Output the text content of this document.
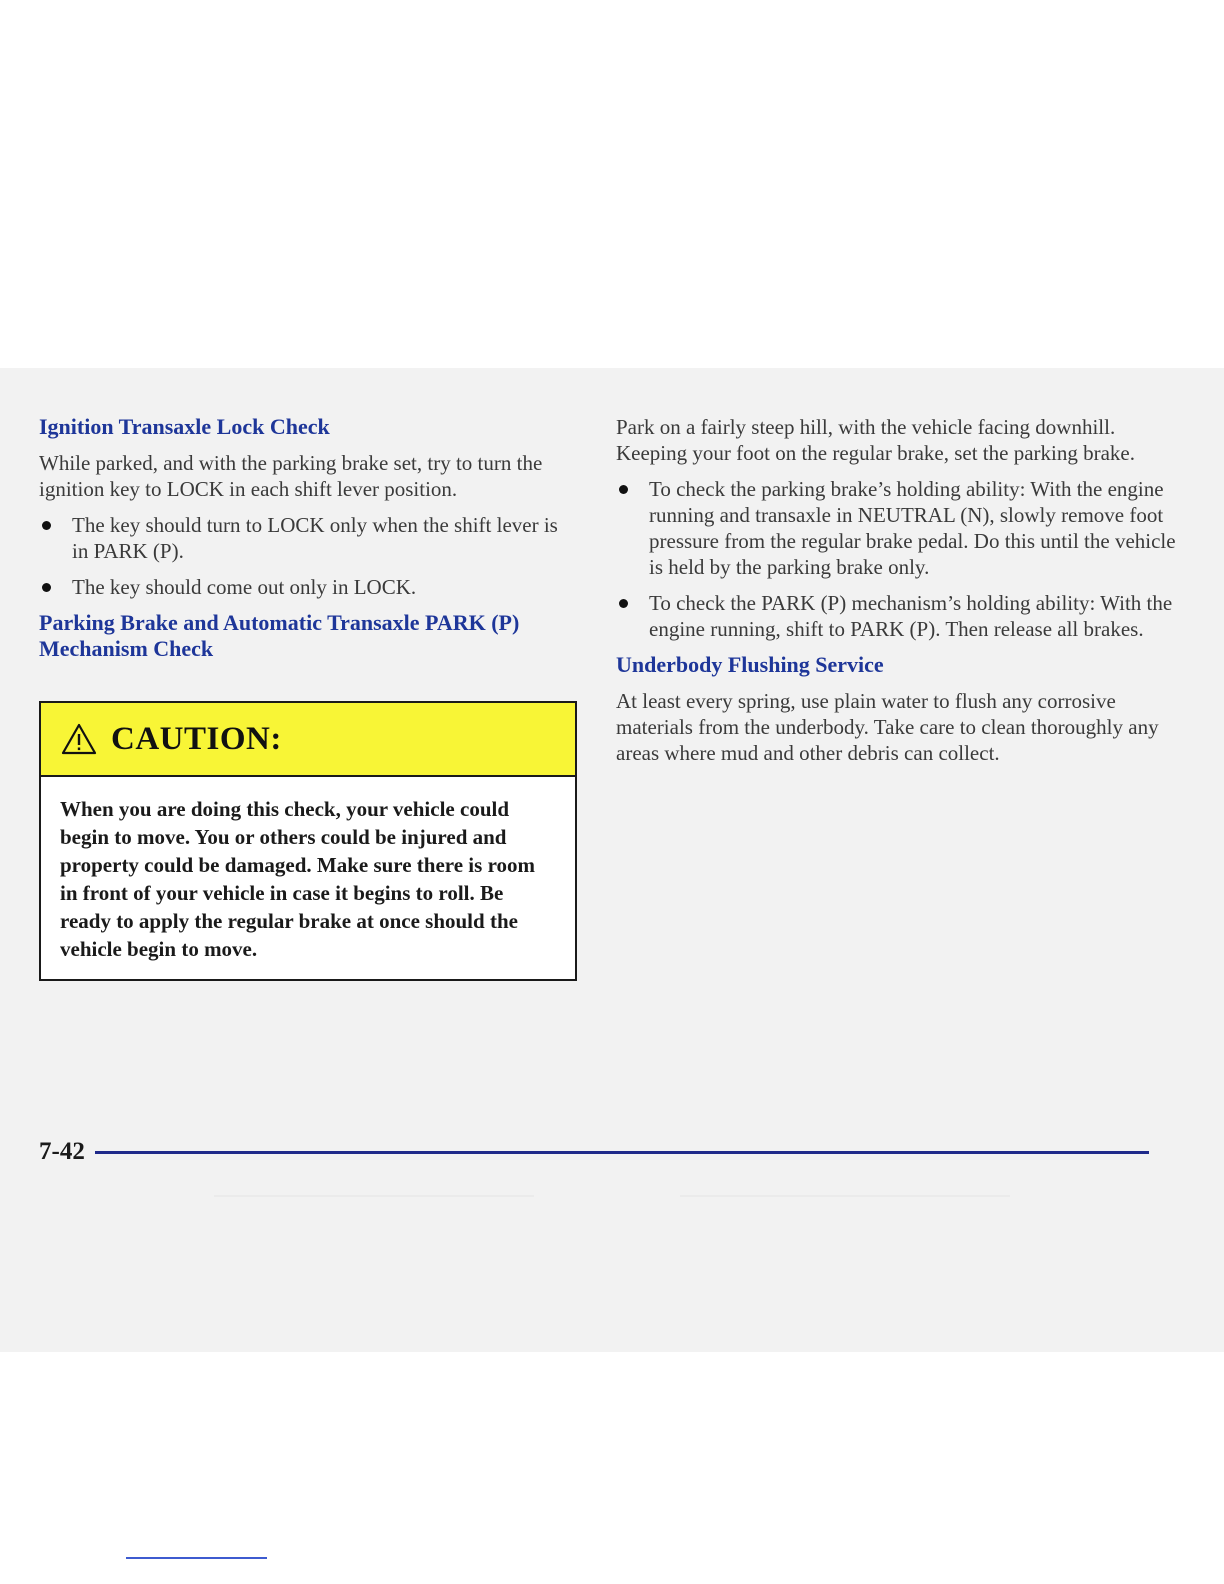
Ignition Transaxle Lock Check

While parked, and with the parking brake set, try to turn the ignition key to LOCK in each shift lever position.

The key should turn to LOCK only when the shift lever is in PARK (P).
The key should come out only in LOCK.
Parking Brake and Automatic Transaxle PARK (P) Mechanism Check
CAUTION:
When you are doing this check, your vehicle could begin to move. You or others could be injured and property could be damaged. Make sure there is room in front of your vehicle in case it begins to roll. Be ready to apply the regular brake at once should the vehicle begin to move.

Park on a fairly steep hill, with the vehicle facing downhill. Keeping your foot on the regular brake, set the parking brake.

To check the parking brake’s holding ability: With the engine running and transaxle in NEUTRAL (N), slowly remove foot pressure from the regular brake pedal. Do this until the vehicle is held by the parking brake only.
To check the PARK (P) mechanism’s holding ability: With the engine running, shift to PARK (P). Then release all brakes.
Underbody Flushing Service

At least every spring, use plain water to flush any corrosive materials from the underbody. Take care to clean thoroughly any areas where mud and other debris can collect.

7-42
